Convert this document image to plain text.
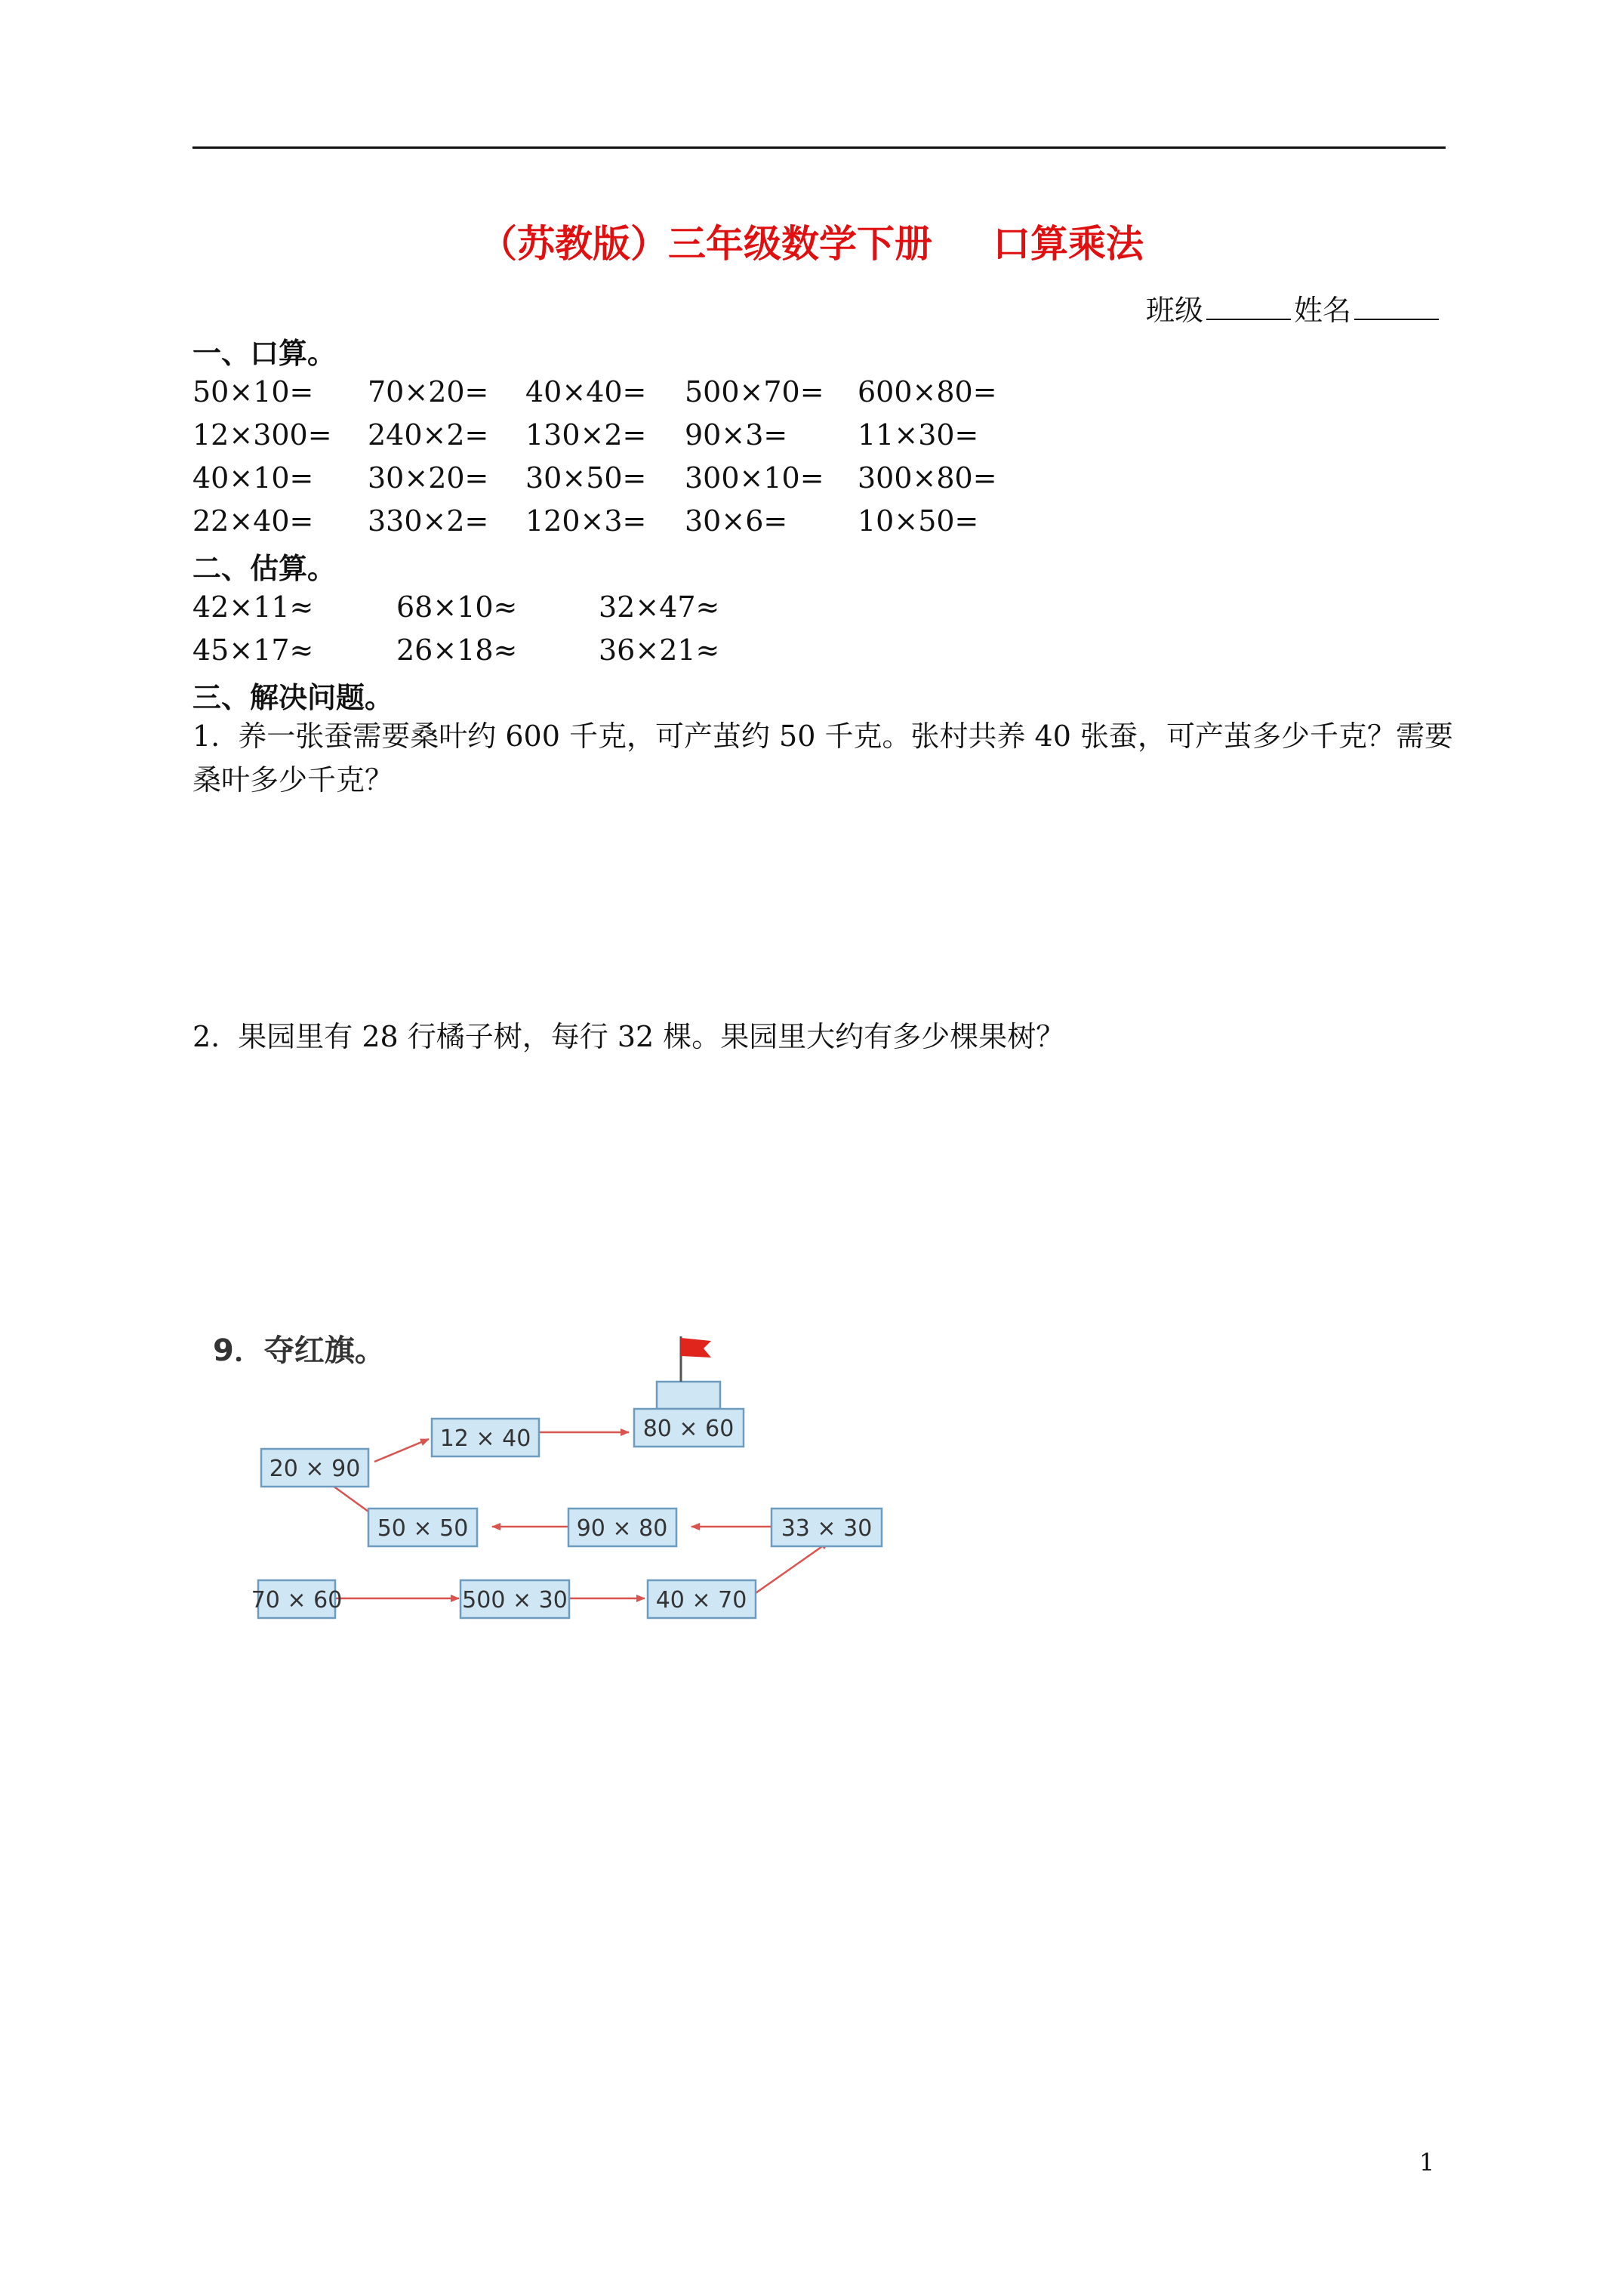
（苏教版）三年级数学下册 口算乘法
班级	姓名
一、口算。
50×10= 70×20= 40×40= 500×70= 600×80=
12×300= 240×2= 130×2= 90×3= 11×30=
40×10= 30×20= 30×50= 300×10= 300×80=
22×40= 330×2= 120×3= 30×6= 10×50=
二、估算。
42×11≈	68×10≈	32×47≈
45×17≈	26×18≈	36×21≈
三、解决问题。
1. 养一张蚕需要桑叶约 600 千克，可产茧约 50 千克。张村共养 40 张蚕，可产茧多少千克？需要桑叶多少千克？
2. 果园里有 28 行橘子树，每行 32 棵。果园里大约有多少棵果树？
9．夺红旗。
70 × 60	500 × 30	40 × 70
33 × 30
90 × 80
50 × 50
20 × 90
12 × 40	80 × 60
1
